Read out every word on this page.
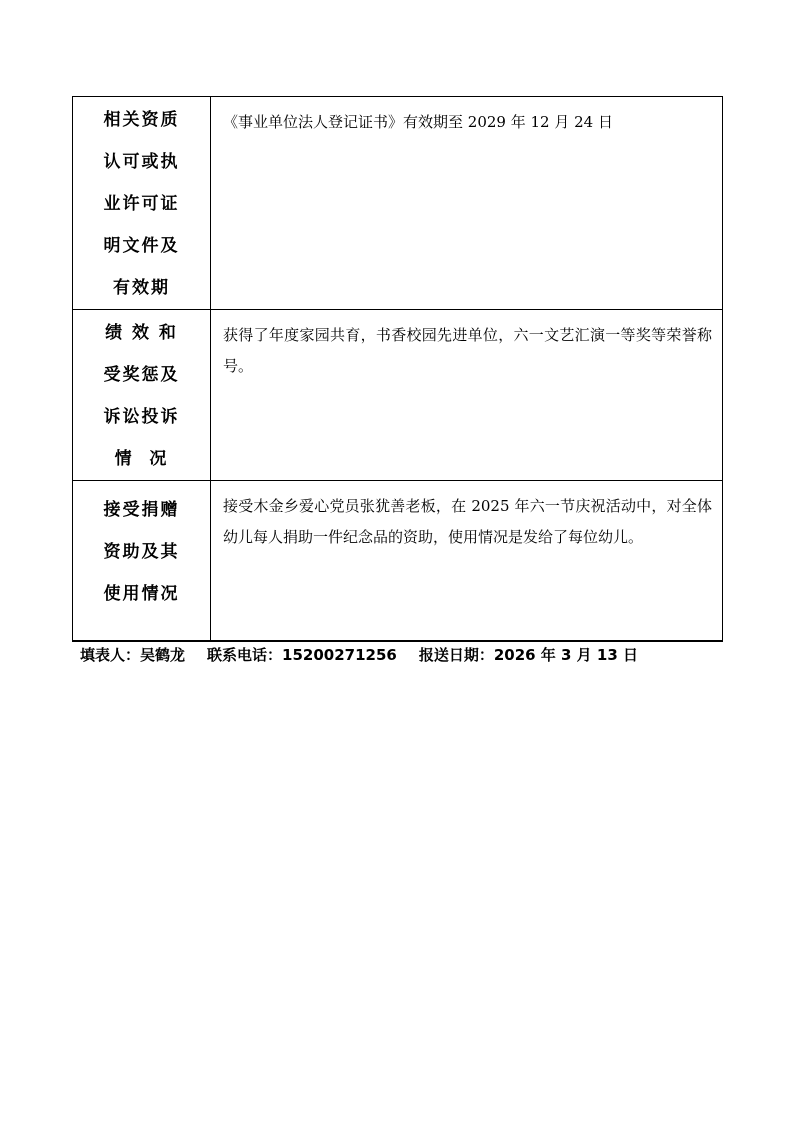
相关资质
认可或执
业许可证
明文件及
有效期	《事业单位法人登记证书》有效期至 2029 年 12 月 24 日

绩 效 和
受奖惩及
诉讼投诉
情  况	获得了年度家园共育，书香校园先进单位，六一文艺汇演一等奖等荣誉称号。

接受捐赠
资助及其
使用情况	接受木金乡爱心党员张犹善老板，在 2025 年六一节庆祝活动中，对全体幼儿每人捐助一件纪念品的资助，使用情况是发给了每位幼儿。
填表人：吴鹤龙 联系电话：15200271256 报送日期：2026 年 3 月 13 日
